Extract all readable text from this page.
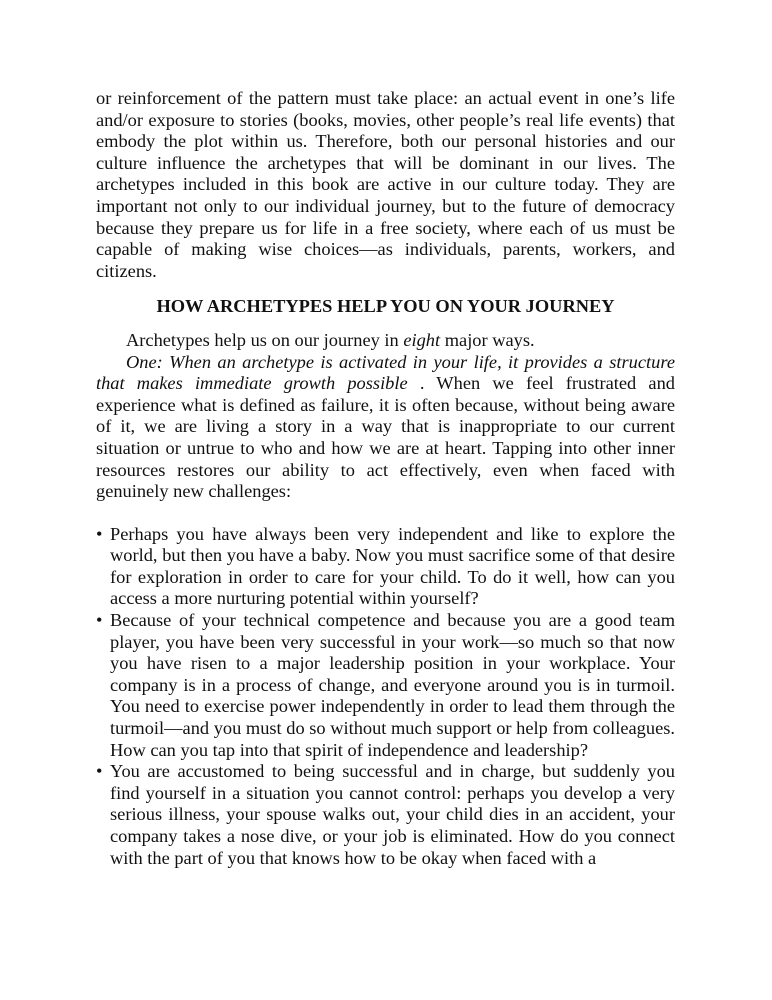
or reinforcement of the pattern must take place: an actual event in one’s life and/or exposure to stories (books, movies, other people’s real life events) that embody the plot within us. Therefore, both our personal histories and our culture influence the archetypes that will be dominant in our lives. The archetypes included in this book are active in our culture today. They are important not only to our individual journey, but to the future of democracy because they prepare us for life in a free society, where each of us must be capable of making wise choices—as individuals, parents, workers, and citizens.

HOW ARCHETYPES HELP YOU ON YOUR JOURNEY

Archetypes help us on our journey in eight major ways.

One: When an archetype is activated in your life, it provides a structure that makes immediate growth possible . When we feel frustrated and experience what is defined as failure, it is often because, without being aware of it, we are living a story in a way that is inappropriate to our current situation or untrue to who and how we are at heart. Tapping into other inner resources restores our ability to act effectively, even when faced with genuinely new challenges:

• Perhaps you have always been very independent and like to explore the world, but then you have a baby. Now you must sacrifice some of that desire for exploration in order to care for your child. To do it well, how can you access a more nurturing potential within yourself?
• Because of your technical competence and because you are a good team player, you have been very successful in your work—so much so that now you have risen to a major leadership position in your workplace. Your company is in a process of change, and everyone around you is in turmoil. You need to exercise power independently in order to lead them through the turmoil—and you must do so without much support or help from colleagues. How can you tap into that spirit of independence and leadership?
• You are accustomed to being successful and in charge, but suddenly you find yourself in a situation you cannot control: perhaps you develop a very serious illness, your spouse walks out, your child dies in an accident, your company takes a nose dive, or your job is eliminated. How do you connect with the part of you that knows how to be okay when faced with a
